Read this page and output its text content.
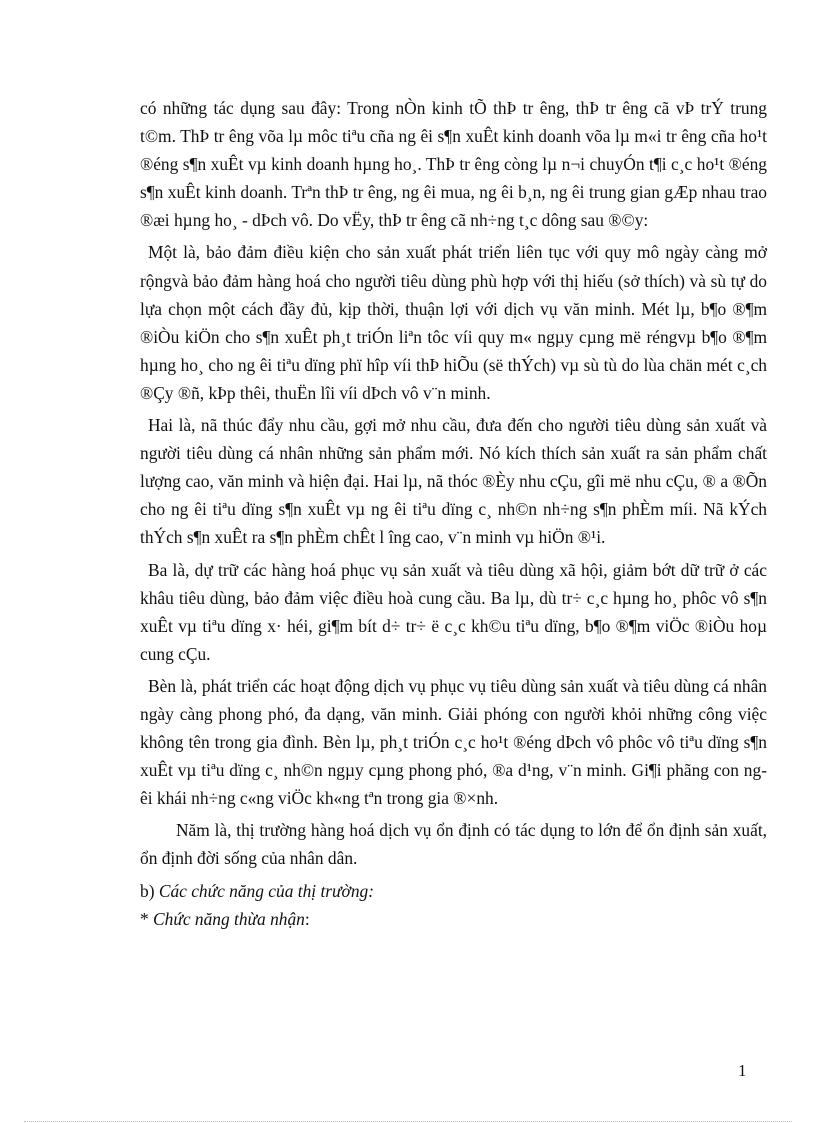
có những tác dụng sau đây: Trong nÒn kinh tÕ thÞ tr êng, thÞ tr êng cã vÞ trÝ trung t©m. ThÞ tr êng võa lµ môc tiªu cña ng êi s¶n xuÊt kinh doanh võa lµ m«i tr êng cña ho¹t ®éng s¶n xuÊt vµ kinh doanh hµng ho¸. ThÞ tr êng còng lµ n¬i chuyÓn t¶i c¸c ho¹t ®éng s¶n xuÊt kinh doanh. Trªn thÞ tr êng, ng êi mua, ng êi b¸n, ng êi trung gian gÆp nhau trao ®æi hµng ho¸ - dÞch vô. Do vËy, thÞ tr êng cã nh÷ng t¸c dông sau ®©y:

Một là, bảo đảm điều kiện cho sản xuất phát triển liên tục với quy mô ngày càng mở rộngvà bảo đảm hàng hoá cho người tiêu dùng phù hợp với thị hiếu (sở thích) và sù tự do lựa chọn một cách đầy đủ, kịp thời, thuận lợi với dịch vụ văn minh. Mét lµ, b¶o ®¶m ®iÒu kiÖn cho s¶n xuÊt ph¸t triÓn liªn tôc víi quy m« ngµy cµng më réngvµ b¶o ®¶m hµng ho¸ cho ng êi tiªu dïng phï hîp víi thÞ hiÕu (së thÝch) vµ sù tù do lùa chän mét c¸ch ®Çy ®ñ, kÞp thêi, thuËn lîi víi dÞch vô v¨n minh.

Hai là, nã thúc đẩy nhu cầu, gợi mở nhu cầu, đưa đến cho người tiêu dùng sản xuất và người tiêu dùng cá nhân những sản phẩm mới. Nó kích thích sản xuất ra sản phẩm chất lượng cao, văn minh và hiện đại. Hai lµ, nã thóc ®Èy nhu cÇu, gîi më nhu cÇu, ® a ®Õn cho ng êi tiªu dïng s¶n xuÊt vµ ng êi tiªu dïng c¸ nh©n nh÷ng s¶n phÈm míi. Nã kÝch thÝch s¶n xuÊt ra s¶n phÈm chÊt l îng cao, v¨n minh vµ hiÖn ®¹i.

Ba là, dự trữ các hàng hoá phục vụ sản xuất và tiêu dùng xã hội, giảm bớt dữ trữ ở các khâu tiêu dùng, bảo đảm việc điều hoà cung cầu. Ba lµ, dù tr÷ c¸c hµng ho¸ phôc vô s¶n xuÊt vµ tiªu dïng x· héi, gi¶m bít d÷ tr÷ ë c¸c kh©u tiªu dïng, b¶o ®¶m viÖc ®iÒu hoµ cung cÇu.

Bèn là, phát triển các hoạt động dịch vụ phục vụ tiêu dùng sản xuất và tiêu dùng cá nhân ngày càng phong phó, đa dạng, văn minh. Giải phóng con người khỏi những công việc không tên trong gia đình. Bèn lµ, ph¸t triÓn c¸c ho¹t ®éng dÞch vô phôc vô tiªu dïng s¶n xuÊt vµ tiªu dïng c¸ nh©n ngµy cµng phong phó, ®a d¹ng, v¨n minh. Gi¶i phãng con ng êi khái nh÷ng c«ng viÖc kh«ng tªn trong gia ®×nh.

Năm là, thị trường hàng hoá dịch vụ ổn định có tác dụng to lớn để ổn định sản xuất, ổn định đời sống của nhân dân.

b) Các chức năng của thị trường:

* Chức năng thừa nhận:

1
